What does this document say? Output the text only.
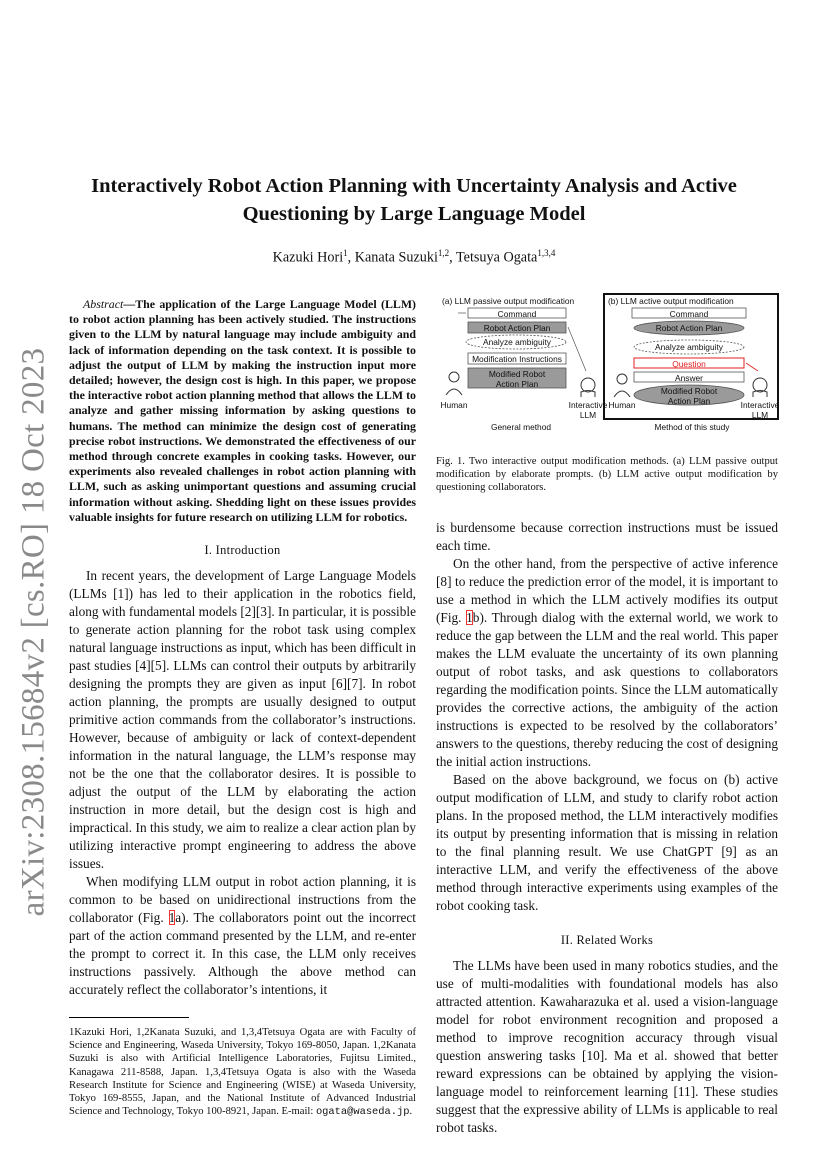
arXiv:2308.15684v2 [cs.RO] 18 Oct 2023
Interactively Robot Action Planning with Uncertainty Analysis and Active Questioning by Large Language Model
Kazuki Hori$^1$, Kanata Suzuki$^{1,2}$, Tetsuya Ogata$^{1,3,4}$

Abstract—The application of the Large Language Model (LLM) to robot action planning has been actively studied. The instructions given to the LLM by natural language may include ambiguity and lack of information depending on the task context. It is possible to adjust the output of LLM by making the instruction input more detailed; however, the design cost is high. In this paper, we propose the interactive robot action planning method that allows the LLM to analyze and gather missing information by asking questions to humans. The method can minimize the design cost of generating precise robot instructions. We demonstrated the effectiveness of our method through concrete examples in cooking tasks. However, our experiments also revealed challenges in robot action planning with LLM, such as asking unimportant questions and assuming crucial information without asking. Shedding light on these issues provides valuable insights for future research on utilizing LLM for robotics.

I. Introduction

In recent years, the development of Large Language Models (LLMs [1]) has led to their application in the robotics field, along with fundamental models [2][3]. In particular, it is possible to generate action planning for the robot task using complex natural language instructions as input, which has been difficult in past studies [4][5]. LLMs can control their outputs by arbitrarily designing the prompts they are given as input [6][7]. In robot action planning, the prompts are usually designed to output primitive action commands from the collaborator’s instructions. However, because of ambiguity or lack of context-dependent information in the natural language, the LLM’s response may not be the one that the collaborator desires. It is possible to adjust the output of the LLM by elaborating the action instruction in more detail, but the design cost is high and impractical. In this study, we aim to realize a clear action plan by utilizing interactive prompt engineering to address the above issues.

When modifying LLM output in robot action planning, it is common to be based on unidirectional instructions from the collaborator (Fig. 1a). The collaborators point out the incorrect part of the action command presented by the LLM, and re-enter the prompt to correct it. In this case, the LLM only receives instructions passively. Although the above method can accurately reflect the collaborator’s intentions, it

1Kazuki Hori, 1,2Kanata Suzuki, and 1,3,4Tetsuya Ogata are with Faculty of Science and Engineering, Waseda University, Tokyo 169-8050, Japan. 1,2Kanata Suzuki is also with Artificial Intelligence Laboratories, Fujitsu Limited., Kanagawa 211-8588, Japan. 1,3,4Tetsuya Ogata is also with the Waseda Research Institute for Science and Engineering (WISE) at Waseda University, Tokyo 169-8555, Japan, and the National Institute of Advanced Industrial Science and Technology, Tokyo 100-8921, Japan. E-mail: ogata@waseda.jp.
(a) LLM passive output modification	(b) LLM active output modification
Command
Robot Action Plan
Analyze ambiguity
Modification Instructions
Modified Robot Action Plan
Command
Robot Action Plan
Analyze ambiguity
Question
Answer
Modified Robot Action Plan
Human	Interactive LLM
Human	Interactive LLM
General method	Method of this study
Fig. 1. Two interactive output modification methods. (a) LLM passive output modification by elaborate prompts. (b) LLM active output modification by questioning collaborators.

is burdensome because correction instructions must be issued each time.

On the other hand, from the perspective of active inference [8] to reduce the prediction error of the model, it is important to use a method in which the LLM actively modifies its output (Fig. 1b). Through dialog with the external world, we work to reduce the gap between the LLM and the real world. This paper makes the LLM evaluate the uncertainty of its own planning output of robot tasks, and ask questions to collaborators regarding the modification points. Since the LLM automatically provides the corrective actions, the ambiguity of the action instructions is expected to be resolved by the collaborators’ answers to the questions, thereby reducing the cost of designing the initial action instructions.

Based on the above background, we focus on (b) active output modification of LLM, and study to clarify robot action plans. In the proposed method, the LLM interactively modifies its output by presenting information that is missing in relation to the final planning result. We use ChatGPT [9] as an interactive LLM, and verify the effectiveness of the above method through interactive experiments using examples of the robot cooking task.

II. Related Works

The LLMs have been used in many robotics studies, and the use of multi-modalities with foundational models has also attracted attention. Kawaharazuka et al. used a vision-language model for robot environment recognition and proposed a method to improve recognition accuracy through visual question answering tasks [10]. Ma et al. showed that better reward expressions can be obtained by applying the vision-language model to reinforcement learning [11]. These studies suggest that the expressive ability of LLMs is applicable to real robot tasks.
